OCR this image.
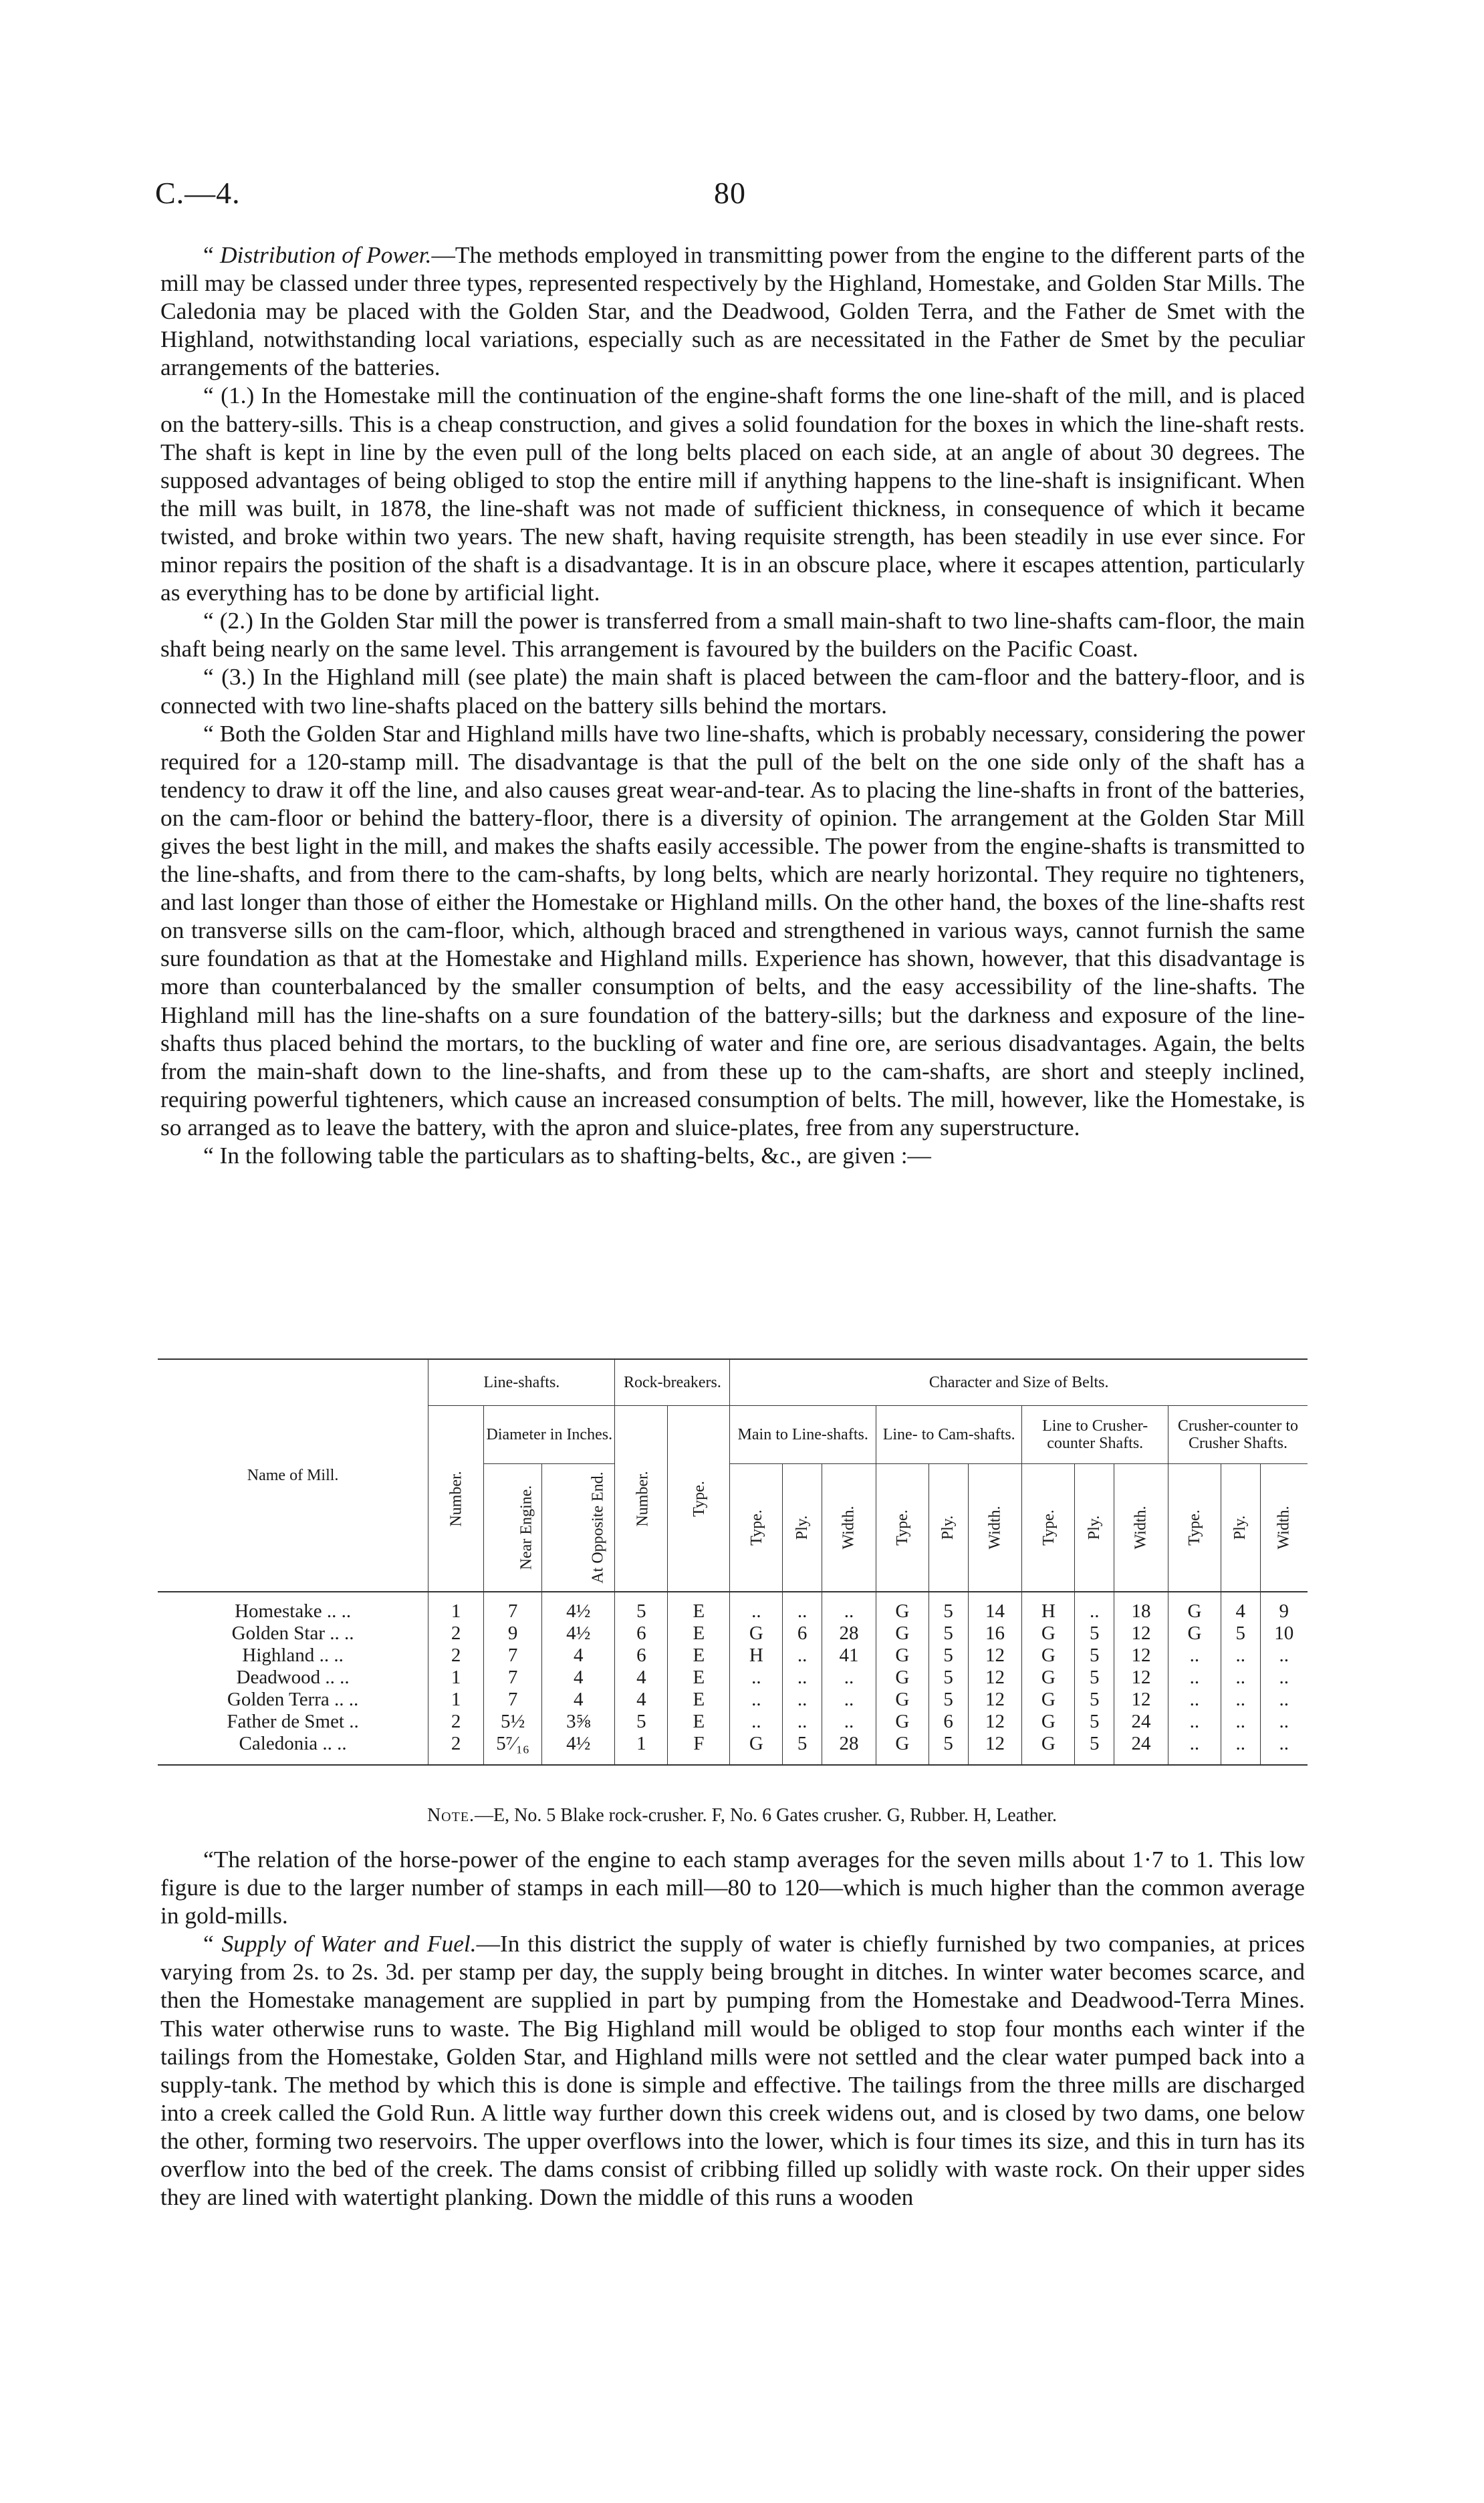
C.—4.	80

“ Distribution of Power.—The methods employed in transmitting power from the engine to the different parts of the mill may be classed under three types, represented respectively by the Highland, Homestake, and Golden Star Mills. The Caledonia may be placed with the Golden Star, and the Deadwood, Golden Terra, and the Father de Smet with the Highland, notwithstanding local variations, especially such as are necessitated in the Father de Smet by the peculiar arrangements of the batteries.

“ (1.) In the Homestake mill the continuation of the engine-shaft forms the one line-shaft of the mill, and is placed on the battery-sills. This is a cheap construction, and gives a solid foundation for the boxes in which the line-shaft rests. The shaft is kept in line by the even pull of the long belts placed on each side, at an angle of about 30 degrees. The supposed advantages of being obliged to stop the entire mill if anything happens to the line-shaft is insignificant. When the mill was built, in 1878, the line-shaft was not made of sufficient thickness, in consequence of which it became twisted, and broke within two years. The new shaft, having requisite strength, has been steadily in use ever since. For minor repairs the position of the shaft is a disadvantage. It is in an obscure place, where it escapes attention, particularly as everything has to be done by artificial light.

“ (2.) In the Golden Star mill the power is transferred from a small main-shaft to two line-shafts cam-floor, the main shaft being nearly on the same level. This arrangement is favoured by the builders on the Pacific Coast.

“ (3.) In the Highland mill (see plate) the main shaft is placed between the cam-floor and the battery-floor, and is connected with two line-shafts placed on the battery sills behind the mortars.

“ Both the Golden Star and Highland mills have two line-shafts, which is probably necessary, considering the power required for a 120-stamp mill. The disadvantage is that the pull of the belt on the one side only of the shaft has a tendency to draw it off the line, and also causes great wear-and-tear. As to placing the line-shafts in front of the batteries, on the cam-floor or behind the battery-floor, there is a diversity of opinion. The arrangement at the Golden Star Mill gives the best light in the mill, and makes the shafts easily accessible. The power from the engine-shafts is transmitted to the line-shafts, and from there to the cam-shafts, by long belts, which are nearly horizontal. They require no tighteners, and last longer than those of either the Homestake or Highland mills. On the other hand, the boxes of the line-shafts rest on transverse sills on the cam-floor, which, although braced and strengthened in various ways, cannot furnish the same sure foundation as that at the Homestake and Highland mills. Experience has shown, however, that this disadvantage is more than counterbalanced by the smaller consumption of belts, and the easy accessibility of the line-shafts. The Highland mill has the line-shafts on a sure foundation of the battery-sills; but the darkness and exposure of the line-shafts thus placed behind the mortars, to the buckling of water and fine ore, are serious disadvantages. Again, the belts from the main-shaft down to the line-shafts, and from these up to the cam-shafts, are short and steeply inclined, requiring powerful tighteners, which cause an increased consumption of belts. The mill, however, like the Homestake, is so arranged as to leave the battery, with the apron and sluice-plates, free from any superstructure.

“ In the following table the particulars as to shafting-belts, &c., are given :—

Name of Mill.	Line-shafts.			Rock-breakers.		Character and Size of Belts.											
	Number.	Diameter in Inches.		Number.	Type.	Main to Line-shafts.			Line- to Cam-shafts.			Line to Crusher-counter Shafts.			Crusher-counter to Crusher Shafts.		
		Near Engine.	At Opposite End.			Type.	Ply.	Width.	Type.	Ply.	Width.	Type.	Ply.	Width.	Type.	Ply.	Width.
Homestake .. ..	1	7	4½	5	E	..	..	..	G	5	14	H	..	18	G	4	9
Golden Star .. ..	2	9	4½	6	E	G	6	28	G	5	16	G	5	12	G	5	10
Highland .. ..	2	7	4	6	E	H	..	41	G	5	12	G	5	12	..	..	..
Deadwood .. ..	1	7	4	4	E	..	..	..	G	5	12	G	5	12	..	..	..
Golden Terra .. ..	1	7	4	4	E	..	..	..	G	5	12	G	5	12	..	..	..
Father de Smet ..	2	5½	3⅝	5	E	..	..	..	G	6	12	G	5	24	..	..	..
Caledonia .. ..	2	5⁷⁄₁₆	4½	1	F	G	5	28	G	5	12	G	5	24	..	..	..
Note.—E, No. 5 Blake rock-crusher. F, No. 6 Gates crusher. G, Rubber. H, Leather.

“The relation of the horse-power of the engine to each stamp averages for the seven mills about 1·7 to 1. This low figure is due to the larger number of stamps in each mill—80 to 120—which is much higher than the common average in gold-mills.

“ Supply of Water and Fuel.—In this district the supply of water is chiefly furnished by two companies, at prices varying from 2s. to 2s. 3d. per stamp per day, the supply being brought in ditches. In winter water becomes scarce, and then the Homestake management are supplied in part by pumping from the Homestake and Deadwood-Terra Mines. This water otherwise runs to waste. The Big Highland mill would be obliged to stop four months each winter if the tailings from the Homestake, Golden Star, and Highland mills were not settled and the clear water pumped back into a supply-tank. The method by which this is done is simple and effective. The tailings from the three mills are discharged into a creek called the Gold Run. A little way further down this creek widens out, and is closed by two dams, one below the other, forming two reservoirs. The upper overflows into the lower, which is four times its size, and this in turn has its overflow into the bed of the creek. The dams consist of cribbing filled up solidly with waste rock. On their upper sides they are lined with watertight planking. Down the middle of this runs a wooden
